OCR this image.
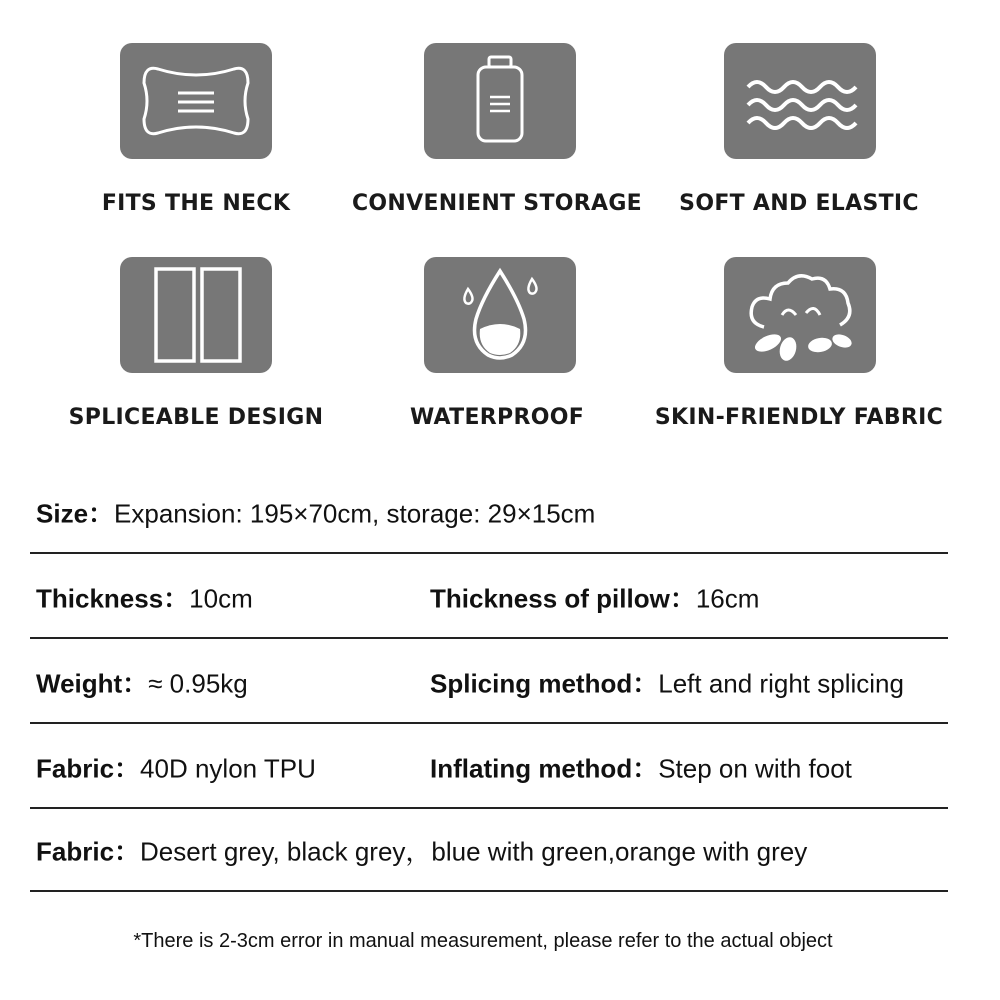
FITS THE NECK	CONVENIENT STORAGE	SOFT AND ELASTIC
SPLICEABLE DESIGN	WATERPROOF	SKIN-FRIENDLY FABRIC
Size：Expansion: 195×70cm, storage: 29×15cm
Thickness：10cm	Thickness of pillow：16cm
Weight：≈ 0.95kg	Splicing method：Left and right splicing
Fabric：40D nylon TPU	Inflating method：Step on with foot
Fabric：Desert grey, black grey，blue with green,orange with grey
*There is 2-3cm error in manual measurement, please refer to the actual object
